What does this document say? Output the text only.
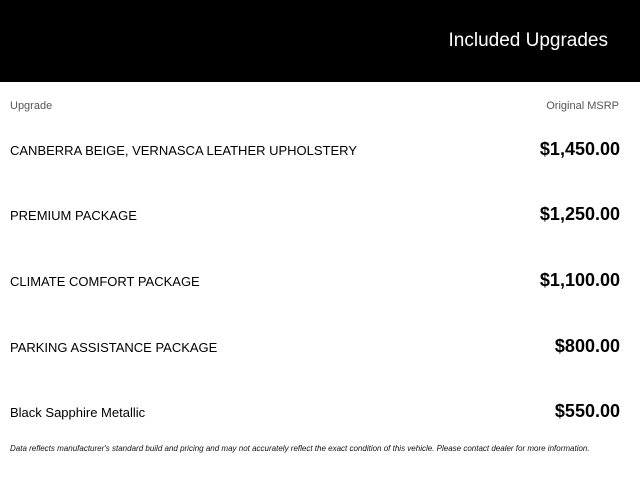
Included Upgrades
Upgrade	Original MSRP
CANBERRA BEIGE, VERNASCA LEATHER UPHOLSTERY	$1,450.00
PREMIUM PACKAGE	$1,250.00
CLIMATE COMFORT PACKAGE	$1,100.00
PARKING ASSISTANCE PACKAGE	$800.00
Black Sapphire Metallic	$550.00
Data reflects manufacturer's standard build and pricing and may not accurately reflect the exact condition of this vehicle. Please contact dealer for more information.
